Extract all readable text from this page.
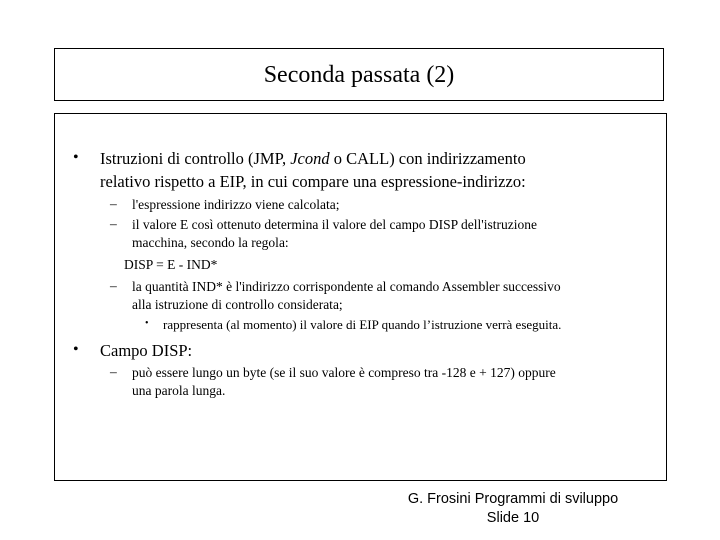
Seconda passata (2)
• Istruzioni di controllo (JMP, Jcond o CALL) con indirizzamento
relativo rispetto a EIP, in cui compare una espressione-indirizzo:
– l'espressione indirizzo viene calcolata;
– il valore E così ottenuto determina il valore del campo DISP dell'istruzione
macchina, secondo la regola:
DISP = E - IND*
– la quantità IND* è l'indirizzo corrispondente al comando Assembler successivo
alla istruzione di controllo considerata;
• rappresenta (al momento) il valore di EIP quando l’istruzione verrà eseguita.
• Campo DISP:
– può essere lungo un byte (se il suo valore è compreso tra -128 e + 127) oppure
una parola lunga.
G. Frosini Programmi di sviluppo
Slide 10
